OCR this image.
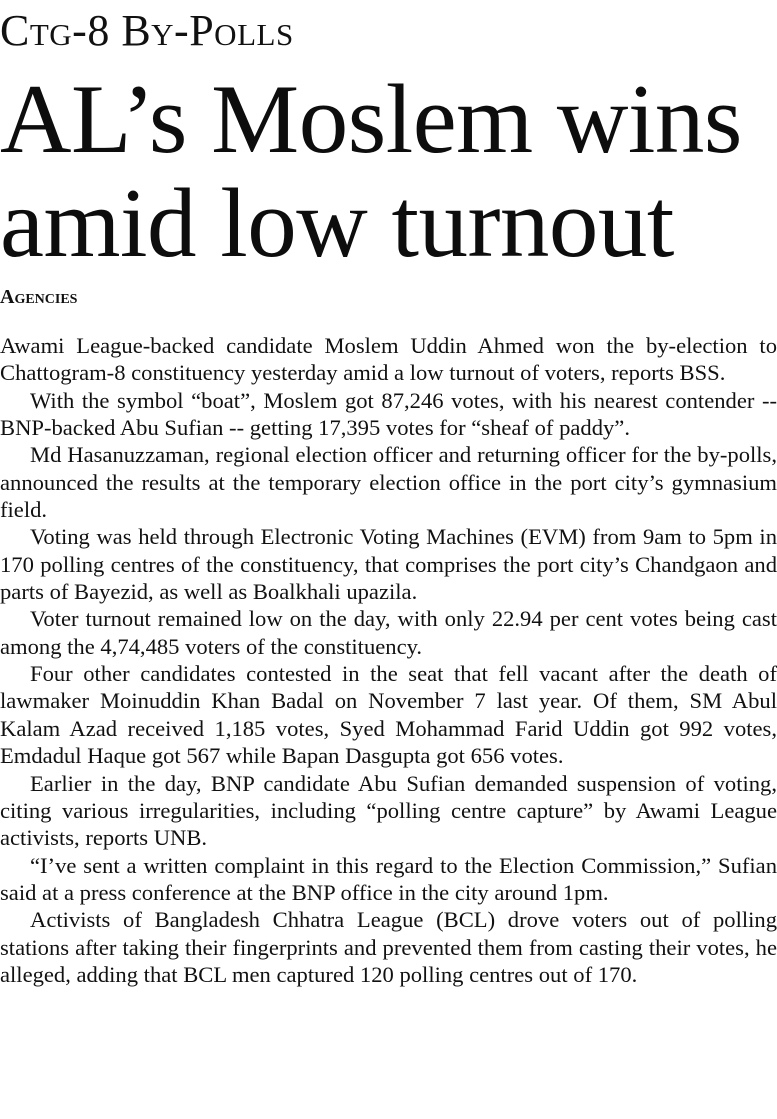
Ctg-8 By-Polls
AL’s Moslem wins
amid low turnout
Agencies

Awami League-backed candidate Moslem Uddin Ahmed won the by-election to Chattogram-8 constituency yesterday amid a low turnout of voters, reports BSS.

With the symbol “boat”, Moslem got 87,246 votes, with his nearest contender -- BNP-backed Abu Sufian -- getting 17,395 votes for “sheaf of paddy”.

Md Hasanuzzaman, regional election officer and returning officer for the by-polls, announced the results at the temporary election office in the port city’s gymnasium field.

Voting was held through Electronic Voting Machines (EVM) from 9am to 5pm in 170 polling centres of the constituency, that comprises the port city’s Chandgaon and parts of Bayezid, as well as Boalkhali upazila.

Voter turnout remained low on the day, with only 22.94 per cent votes being cast among the 4,74,485 voters of the constituency.

Four other candidates contested in the seat that fell vacant after the death of lawmaker Moinuddin Khan Badal on November 7 last year. Of them, SM Abul Kalam Azad received 1,185 votes, Syed Mohammad Farid Uddin got 992 votes, Emdadul Haque got 567 while Bapan Dasgupta got 656 votes.

Earlier in the day, BNP candidate Abu Sufian demanded suspension of voting, citing various irregularities, including “polling centre capture” by Awami League activists, reports UNB.

“I’ve sent a written complaint in this regard to the Election Commission,” Sufian said at a press conference at the BNP office in the city around 1pm.

Activists of Bangladesh Chhatra League (BCL) drove voters out of polling stations after taking their fingerprints and prevented them from casting their votes, he alleged, adding that BCL men captured 120 polling centres out of 170.
